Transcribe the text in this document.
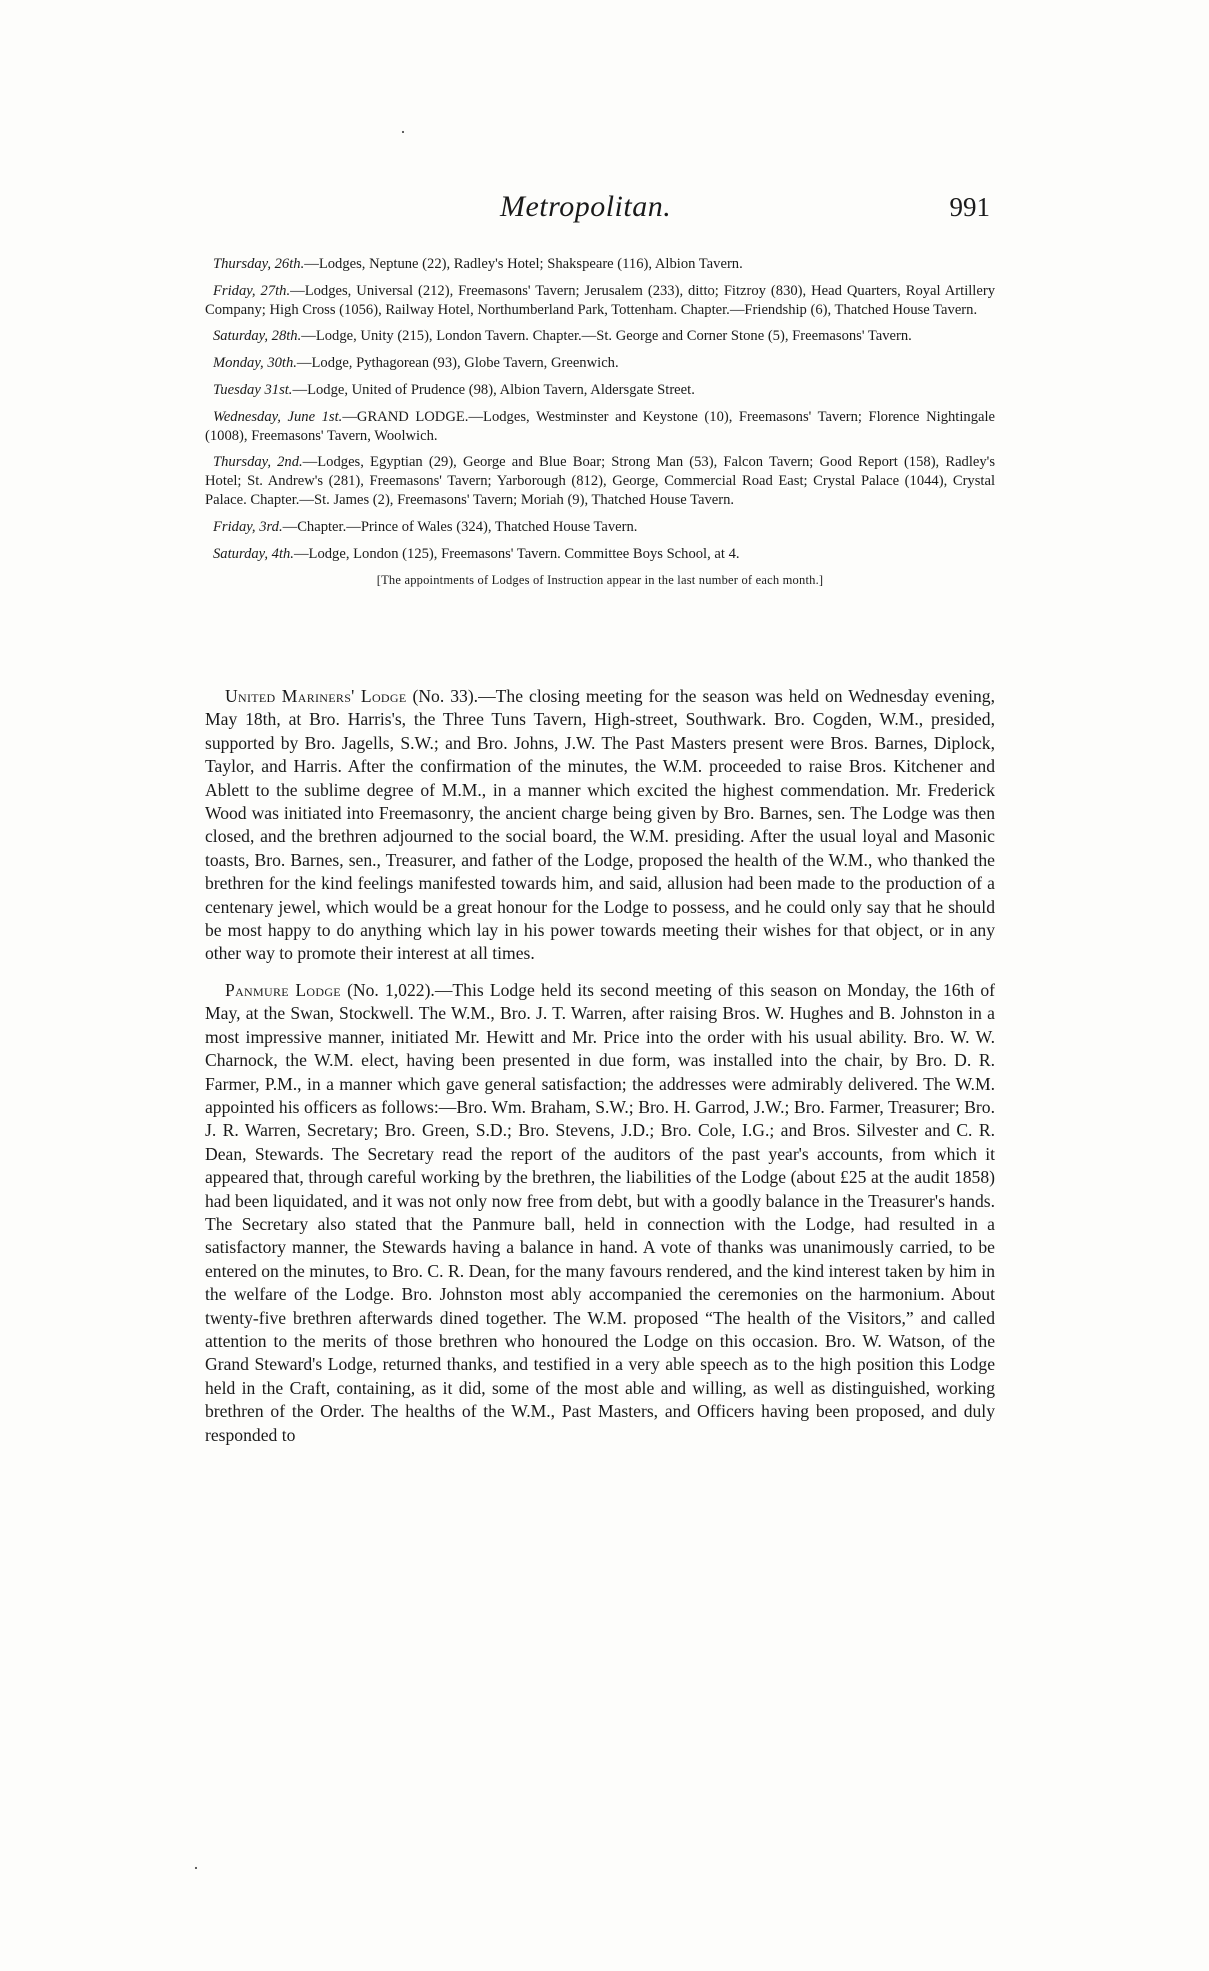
·
Metropolitan.	991

Thursday, 26th.—Lodges, Neptune (22), Radley's Hotel; Shakspeare (116), Albion Tavern.

Friday, 27th.—Lodges, Universal (212), Freemasons' Tavern; Jerusalem (233), ditto; Fitzroy (830), Head Quarters, Royal Artillery Company; High Cross (1056), Railway Hotel, Northumberland Park, Tottenham. Chapter.—Friendship (6), Thatched House Tavern.

Saturday, 28th.—Lodge, Unity (215), London Tavern. Chapter.—St. George and Corner Stone (5), Freemasons' Tavern.

Monday, 30th.—Lodge, Pythagorean (93), Globe Tavern, Greenwich.

Tuesday 31st.—Lodge, United of Prudence (98), Albion Tavern, Aldersgate Street.

Wednesday, June 1st.—GRAND LODGE.—Lodges, Westminster and Keystone (10), Freemasons' Tavern; Florence Nightingale (1008), Freemasons' Tavern, Woolwich.

Thursday, 2nd.—Lodges, Egyptian (29), George and Blue Boar; Strong Man (53), Falcon Tavern; Good Report (158), Radley's Hotel; St. Andrew's (281), Freemasons' Tavern; Yarborough (812), George, Commercial Road East; Crystal Palace (1044), Crystal Palace. Chapter.—St. James (2), Freemasons' Tavern; Moriah (9), Thatched House Tavern.

Friday, 3rd.—Chapter.—Prince of Wales (324), Thatched House Tavern.

Saturday, 4th.—Lodge, London (125), Freemasons' Tavern. Committee Boys School, at 4.

[The appointments of Lodges of Instruction appear in the last number of each month.]

United Mariners' Lodge (No. 33).—The closing meeting for the season was held on Wednesday evening, May 18th, at Bro. Harris's, the Three Tuns Tavern, High-street, Southwark. Bro. Cogden, W.M., presided, supported by Bro. Jagells, S.W.; and Bro. Johns, J.W. The Past Masters present were Bros. Barnes, Diplock, Taylor, and Harris. After the confirmation of the minutes, the W.M. proceeded to raise Bros. Kitchener and Ablett to the sublime degree of M.M., in a manner which excited the highest commendation. Mr. Frederick Wood was initiated into Freemasonry, the ancient charge being given by Bro. Barnes, sen. The Lodge was then closed, and the brethren adjourned to the social board, the W.M. presiding. After the usual loyal and Masonic toasts, Bro. Barnes, sen., Treasurer, and father of the Lodge, proposed the health of the W.M., who thanked the brethren for the kind feelings manifested towards him, and said, allusion had been made to the production of a centenary jewel, which would be a great honour for the Lodge to possess, and he could only say that he should be most happy to do anything which lay in his power towards meeting their wishes for that object, or in any other way to promote their interest at all times.

Panmure Lodge (No. 1,022).—This Lodge held its second meeting of this season on Monday, the 16th of May, at the Swan, Stockwell. The W.M., Bro. J. T. Warren, after raising Bros. W. Hughes and B. Johnston in a most impressive manner, initiated Mr. Hewitt and Mr. Price into the order with his usual ability. Bro. W. W. Charnock, the W.M. elect, having been presented in due form, was installed into the chair, by Bro. D. R. Farmer, P.M., in a manner which gave general satisfaction; the addresses were admirably delivered. The W.M. appointed his officers as follows:—Bro. Wm. Braham, S.W.; Bro. H. Garrod, J.W.; Bro. Farmer, Treasurer; Bro. J. R. Warren, Secretary; Bro. Green, S.D.; Bro. Stevens, J.D.; Bro. Cole, I.G.; and Bros. Silvester and C. R. Dean, Stewards. The Secretary read the report of the auditors of the past year's accounts, from which it appeared that, through careful working by the brethren, the liabilities of the Lodge (about £25 at the audit 1858) had been liquidated, and it was not only now free from debt, but with a goodly balance in the Treasurer's hands. The Secretary also stated that the Panmure ball, held in connection with the Lodge, had resulted in a satisfactory manner, the Stewards having a balance in hand. A vote of thanks was unanimously carried, to be entered on the minutes, to Bro. C. R. Dean, for the many favours rendered, and the kind interest taken by him in the welfare of the Lodge. Bro. Johnston most ably accompanied the ceremonies on the harmonium. About twenty-five brethren afterwards dined together. The W.M. proposed “The health of the Visitors,” and called attention to the merits of those brethren who honoured the Lodge on this occasion. Bro. W. Watson, of the Grand Steward's Lodge, returned thanks, and testified in a very able speech as to the high position this Lodge held in the Craft, containing, as it did, some of the most able and willing, as well as distinguished, working brethren of the Order. The healths of the W.M., Past Masters, and Officers having been proposed, and duly responded to

·
